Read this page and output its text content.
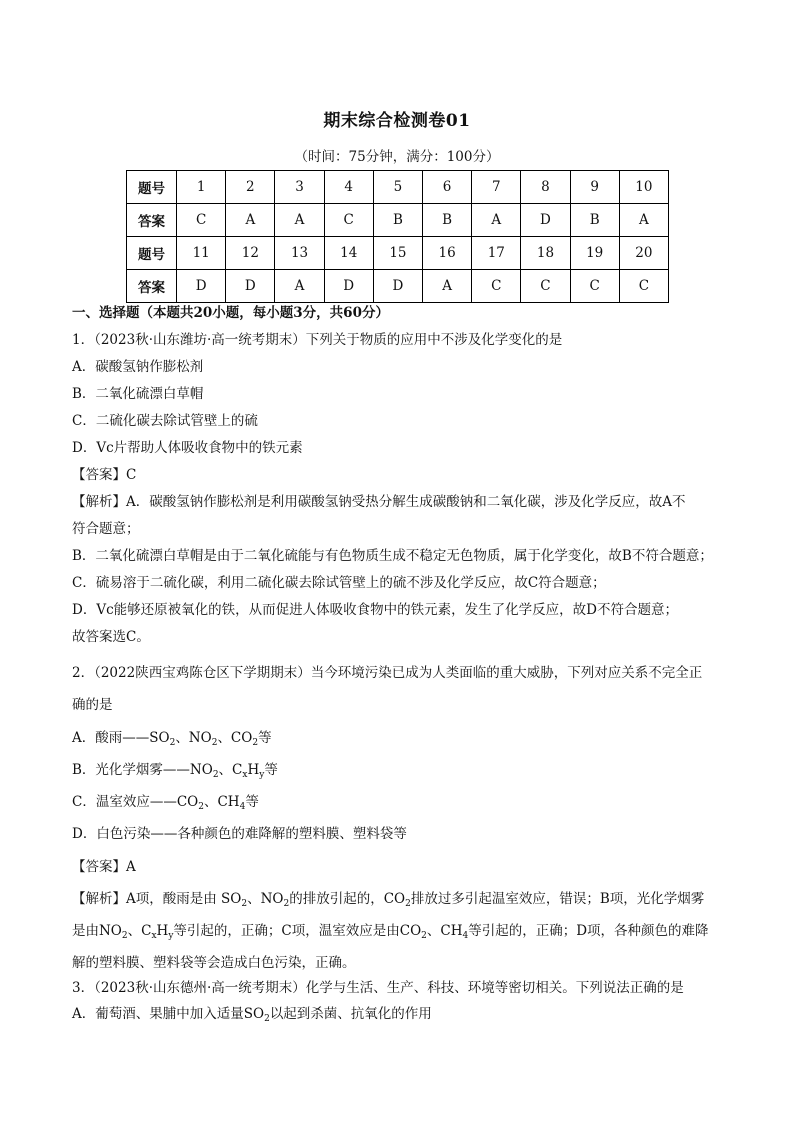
期末综合检测卷01
（时间：75分钟，满分：100分）
题号	1	2	3	4	5	6	7	8	9	10
答案	C	A	A	C	B	B	A	D	B	A
题号	11	12	13	14	15	16	17	18	19	20
答案	D	D	A	D	D	A	C	C	C	C
一、选择题（本题共20小题，每小题3分，共60分）
1．（2023秋·山东潍坊·高一统考期末）下列关于物质的应用中不涉及化学变化的是
A．碳酸氢钠作膨松剂
B．二氧化硫漂白草帽
C．二硫化碳去除试管壁上的硫
D．Vc片帮助人体吸收食物中的铁元素
【答案】C
【解析】A．碳酸氢钠作膨松剂是利用碳酸氢钠受热分解生成碳酸钠和二氧化碳，涉及化学反应，故A不
符合题意；
B．二氧化硫漂白草帽是由于二氧化硫能与有色物质生成不稳定无色物质，属于化学变化，故B不符合题意；
C．硫易溶于二硫化碳，利用二硫化碳去除试管壁上的硫不涉及化学反应，故C符合题意；
D．Vc能够还原被氧化的铁，从而促进人体吸收食物中的铁元素，发生了化学反应，故D不符合题意；
故答案选C。
2．（2022陕西宝鸡陈仓区下学期期末）当今环境污染已成为人类面临的重大威胁，下列对应关系不完全正
确的是
A．酸雨$——SO_2$、$NO_2$、$CO_2$等
B．光化学烟雾$——NO_2$、$C_xH_y$等
C．温室效应$——CO_2$、$CH_4$等
D．白色污染——各种颜色的难降解的塑料膜、塑料袋等
【答案】A
【解析】A项，酸雨是由 $SO_2$、$NO_2$的排放引起的，$CO_2$排放过多引起温室效应，错误；B项，光化学烟雾
是由$NO_2$、$C_xH_y$等引起的，正确；C项，温室效应是由$CO_2$、$CH_4$等引起的，正确；D项，各种颜色的难降
解的塑料膜、塑料袋等会造成白色污染，正确。
3．（2023秋·山东德州·高一统考期末）化学与生活、生产、科技、环境等密切相关。下列说法正确的是
A．葡萄酒、果脯中加入适量$SO_2$以起到杀菌、抗氧化的作用
